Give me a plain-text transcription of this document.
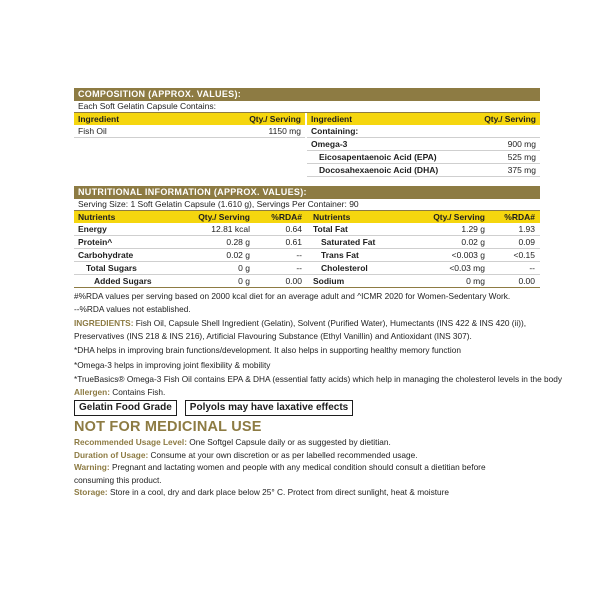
COMPOSITION (APPROX. VALUES):
Each Soft Gelatin Capsule Contains:
Ingredient	Qty./ Serving
Fish Oil	1150 mg
Ingredient	Qty./ Serving
Containing:
Omega-3	900 mg
Eicosapentaenoic Acid (EPA)	525 mg
Docosahexaenoic Acid (DHA)	375 mg
NUTRITIONAL INFORMATION (APPROX. VALUES):
Serving Size: 1 Soft Gelatin Capsule (1.610 g), Servings Per Container: 90
Nutrients	Qty./ Serving	%RDA#	Nutrients	Qty./ Serving	%RDA#
Energy	12.81 kcal	0.64	Total Fat	1.29 g	1.93
Protein^	0.28 g	0.61	Saturated Fat	0.02 g	0.09
Carbohydrate	0.02 g	--	Trans Fat	<0.003 g	<0.15
Total Sugars	0 g	--	Cholesterol	<0.03 mg	--
Added Sugars	0 g	0.00	Sodium	0 mg	0.00
#%RDA values per serving based on 2000 kcal diet for an average adult and ^ICMR 2020 for Women-Sedentary Work.
--%RDA values not established.
INGREDIENTS: Fish Oil, Capsule Shell Ingredient (Gelatin), Solvent (Purified Water), Humectants (INS 422 & INS 420 (ii)),
Preservatives (INS 218 & INS 216), Artificial Flavouring Substance (Ethyl Vanillin) and Antioxidant (INS 307).
*DHA helps in improving brain functions/development. It also helps in supporting healthy memory function
*Omega-3 helps in improving joint flexibility & mobility
*TrueBasics® Omega-3 Fish Oil contains EPA & DHA (essential fatty acids) which help in managing the cholesterol levels in the body
Allergen: Contains Fish.
Gelatin Food Grade	Polyols may have laxative effects
NOT FOR MEDICINAL USE
Recommended Usage Level: One Softgel Capsule daily or as suggested by dietitian.
Duration of Usage: Consume at your own discretion or as per labelled recommended usage.
Warning: Pregnant and lactating women and people with any medical condition should consult a dietitian before
consuming this product.
Storage: Store in a cool, dry and dark place below 25° C. Protect from direct sunlight, heat & moisture
